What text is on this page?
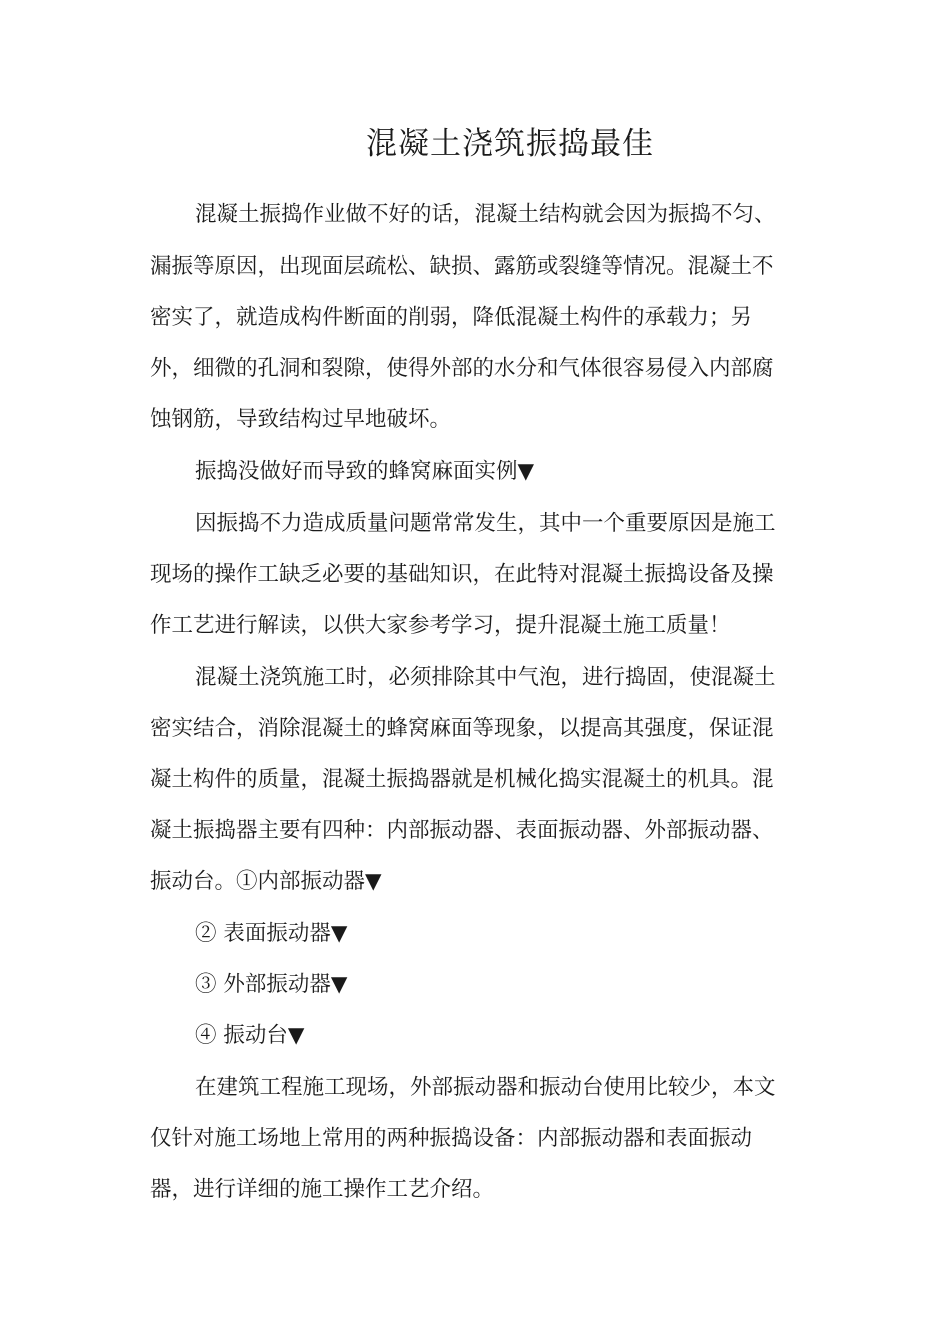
混凝土浇筑振捣最佳

混凝土振捣作业做不好的话，混凝土结构就会因为振捣不匀、

漏振等原因，出现面层疏松、缺损、露筋或裂缝等情况。混凝土不

密实了，就造成构件断面的削弱，降低混凝土构件的承载力；另

外，细微的孔洞和裂隙，使得外部的水分和气体很容易侵入内部腐

蚀钢筋，导致结构过早地破坏。

振捣没做好而导致的蜂窝麻面实例▼

因振捣不力造成质量问题常常发生，其中一个重要原因是施工

现场的操作工缺乏必要的基础知识，在此特对混凝土振捣设备及操

作工艺进行解读，以供大家参考学习，提升混凝土施工质量！

混凝土浇筑施工时，必须排除其中气泡，进行捣固，使混凝土

密实结合，消除混凝土的蜂窝麻面等现象，以提高其强度，保证混

凝土构件的质量，混凝土振捣器就是机械化捣实混凝土的机具。混

凝土振捣器主要有四种：内部振动器、表面振动器、外部振动器、

振动台。①内部振动器▼

② 表面振动器▼

③ 外部振动器▼

④ 振动台▼

在建筑工程施工现场，外部振动器和振动台使用比较少，本文

仅针对施工场地上常用的两种振捣设备：内部振动器和表面振动

器，进行详细的施工操作工艺介绍。
